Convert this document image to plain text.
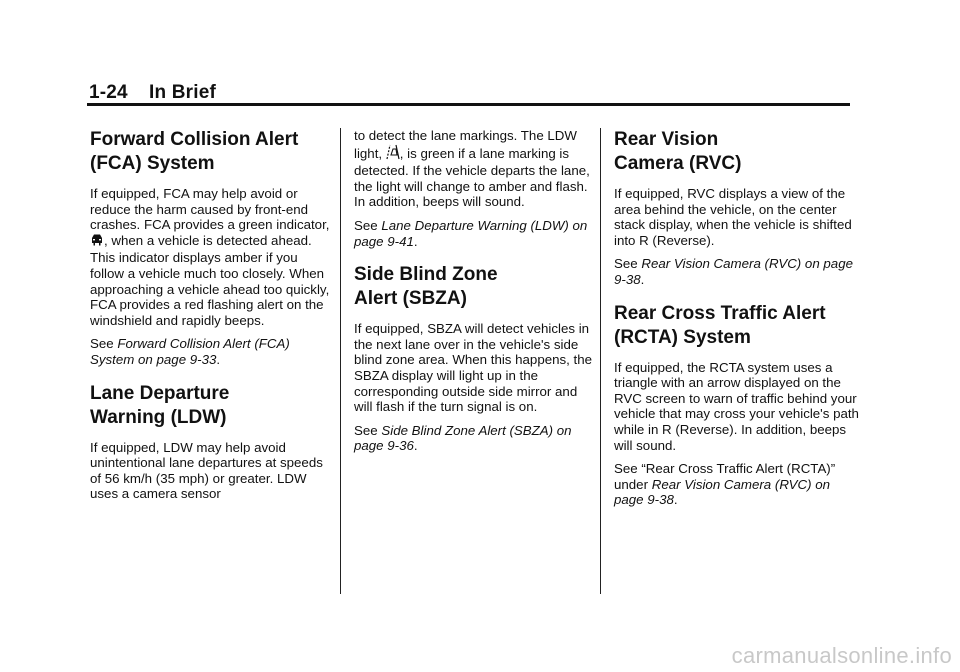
1-24 In Brief
Forward Collision Alert (FCA) System

If equipped, FCA may help avoid or reduce the harm caused by front-end crashes. FCA provides a green indicator, , when a vehicle is detected ahead. This indicator displays amber if you follow a vehicle much too closely. When approaching a vehicle ahead too quickly, FCA provides a red flashing alert on the windshield and rapidly beeps.

See Forward Collision Alert (FCA) System on page 9-33.

Lane Departure Warning (LDW)

If equipped, LDW may help avoid unintentional lane departures at speeds of 56 km/h (35 mph) or greater. LDW uses a camera sensor

to detect the lane markings. The LDW light, , is green if a lane marking is detected. If the vehicle departs the lane, the light will change to amber and flash. In addition, beeps will sound.

See Lane Departure Warning (LDW) on page 9-41.

Side Blind Zone Alert (SBZA)

If equipped, SBZA will detect vehicles in the next lane over in the vehicle's side blind zone area. When this happens, the SBZA display will light up in the corresponding outside side mirror and will flash if the turn signal is on.

See Side Blind Zone Alert (SBZA) on page 9-36.

Rear Vision Camera (RVC)

If equipped, RVC displays a view of the area behind the vehicle, on the center stack display, when the vehicle is shifted into R (Reverse).

See Rear Vision Camera (RVC) on page 9-38.

Rear Cross Traffic Alert (RCTA) System

If equipped, the RCTA system uses a triangle with an arrow displayed on the RVC screen to warn of traffic behind your vehicle that may cross your vehicle's path while in R (Reverse). In addition, beeps will sound.

See “Rear Cross Traffic Alert (RCTA)” under Rear Vision Camera (RVC) on page 9-38.

carmanualsonline.info
